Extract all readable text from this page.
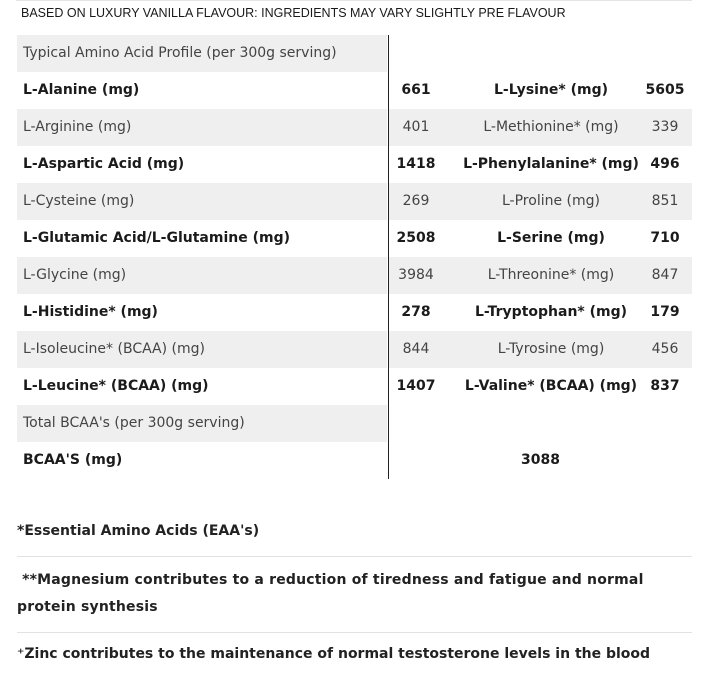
BASED ON LUXURY VANILLA FLAVOUR: INGREDIENTS MAY VARY SLIGHTLY PRE FLAVOUR
Typical Amino Acid Profile (per 300g serving)
L-Alanine (mg)	661	L-Lysine* (mg)	5605
L-Arginine (mg)	401	L-Methionine* (mg)	339
L-Aspartic Acid (mg)	1418	L-Phenylalanine* (mg) 496
L-Cysteine (mg)	269	L-Proline (mg)	851
L-Glutamic Acid/L-Glutamine (mg)	2508	L-Serine (mg)	710
L-Glycine (mg)	3984	L-Threonine* (mg)	847
L-Histidine* (mg)	278	L-Tryptophan* (mg)	179
L-Isoleucine* (BCAA) (mg)	844	L-Tyrosine (mg)	456
L-Leucine* (BCAA) (mg)	1407	L-Valine* (BCAA) (mg) 837
Total BCAA's (per 300g serving)
BCAA'S (mg)	3088
*Essential Amino Acids (EAA's)
**Magnesium contributes to a reduction of tiredness and fatigue and normal protein synthesis
⁺Zinc contributes to the maintenance of normal testosterone levels in the blood
